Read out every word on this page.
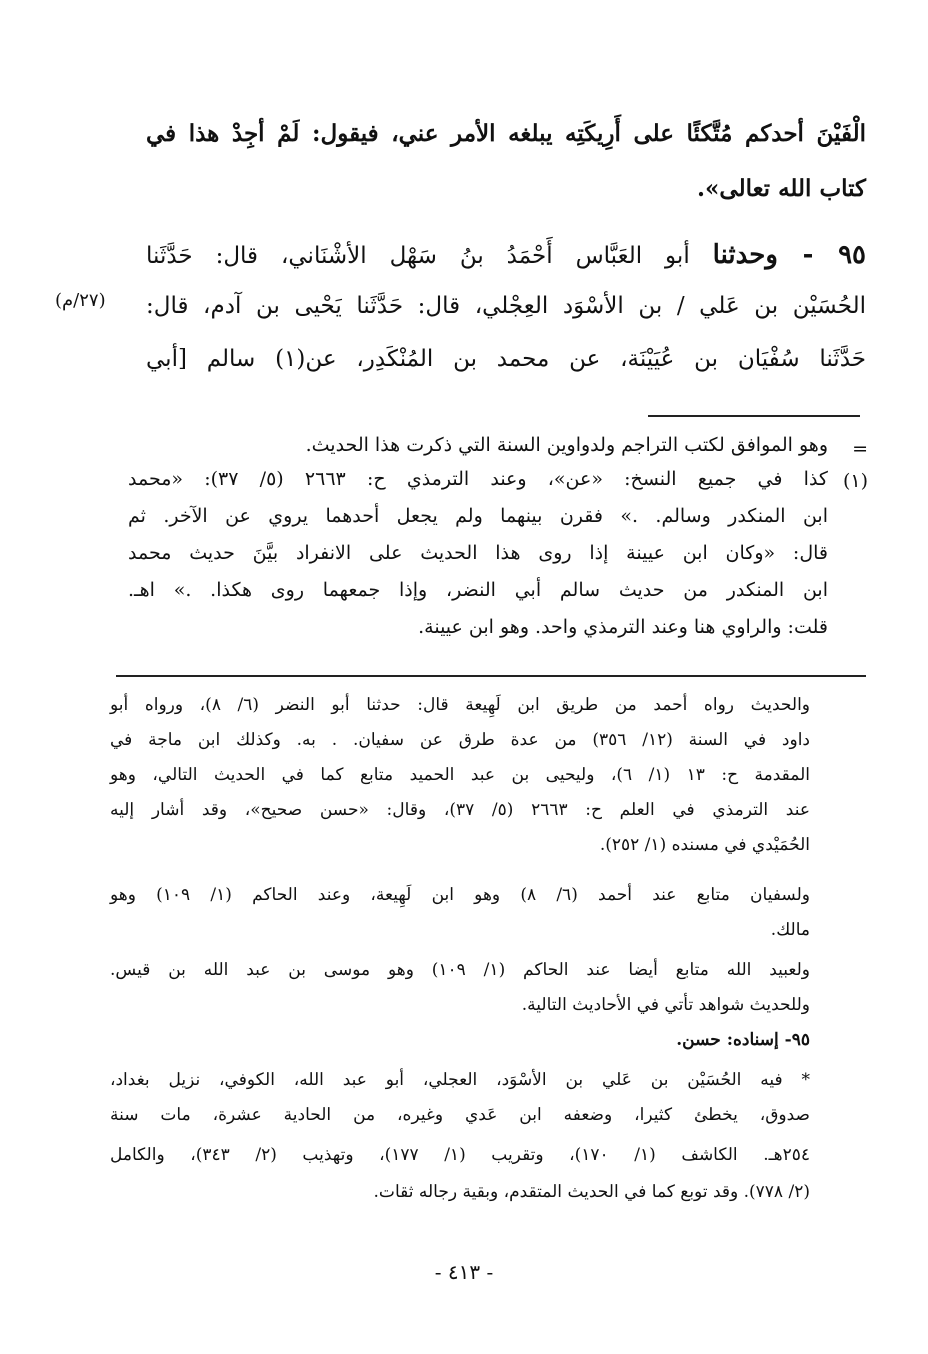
الْفَيْنَ أحدكم مُتَّكئًا على أَرِيكَتِه يبلغه الأمر عني، فيقول: لَمْ أجِدْ هذا في
كتاب الله تعالى».
٩٥ - وحدثنا أبو العَبَّاس أَحْمَدُ بنُ سَهْل الأشْنَاني، قال: حَدَّثَنا
الحُسَيْن بن عَلي / بن الأسْوَد العِجْلي، قال: حَدَّثَنا يَحْيى بن آدم، قال:
حَدَّثَنا سُفْيَان بن عُيَيْنَة، عن محمد بن المُنْكَدِر، عن(١) سالم [أبي
(٢٧/م)
=
وهو الموافق لكتب التراجم ولدواوين السنة التي ذكرت هذا الحديث.
(١)
كذا في جميع النسخ: «عن»، وعند الترمذي ح: ٢٦٦٣ (٥/ ٣٧): «محمد
ابن المنكدر وسالم. .» فقرن بينهما ولم يجعل أحدهما يروي عن الآخر. ثم
قال: «وكان ابن عيينة إذا روى هذا الحديث على الانفراد بيَّنَ حديث محمد
ابن المنكدر من حديث سالم أبي النضر، وإذا جمعهما روى هكذا. .» اهـ.
قلت: والراوي هنا وعند الترمذي واحد. وهو ابن عيينة.
والحديث رواه أحمد من طريق ابن لَهِيعة قال: حدثنا أبو النضر (٦/ ٨)، ورواه أبو
داود في السنة (١٢/ ٣٥٦) من عدة طرق عن سفيان. . به. وكذلك ابن ماجة في
المقدمة ح: ١٣ (١/ ٦)، وليحيى بن عبد الحميد متابع كما في الحديث التالي، وهو
عند الترمذي في العلم ح: ٢٦٦٣ (٥/ ٣٧)، وقال: «حسن صحيح»، وقد أشار إليه
الحُمَيْدي في مسنده (١/ ٢٥٢).
ولسفيان متابع عند أحمد (٦/ ٨) وهو ابن لَهِيعة، وعند الحاكم (١/ ١٠٩) وهو
مالك.
ولعبيد الله متابع أيضا عند الحاكم (١/ ١٠٩) وهو موسى بن عبد الله بن قيس.
وللحديث شواهد تأتي في الأحاديث التالية.
٩٥- إسناده: حسن.
* فيه الحُسَيْن بن عَلي بن الأسْوَد، العجلي، أبو عبد الله، الكوفي، نزيل بغداد،
صدوق، يخطئ كثيرا، وضعفه ابن عَدي وغيره، من الحادية عشرة، مات سنة
٢٥٤هـ. الكاشف (١/ ١٧٠)، وتقريب (١/ ١٧٧)، وتهذيب (٢/ ٣٤٣)، والكامل
(٢/ ٧٧٨). وقد توبع كما في الحديث المتقدم، وبقية رجاله ثقات.
- ٤١٣ -
